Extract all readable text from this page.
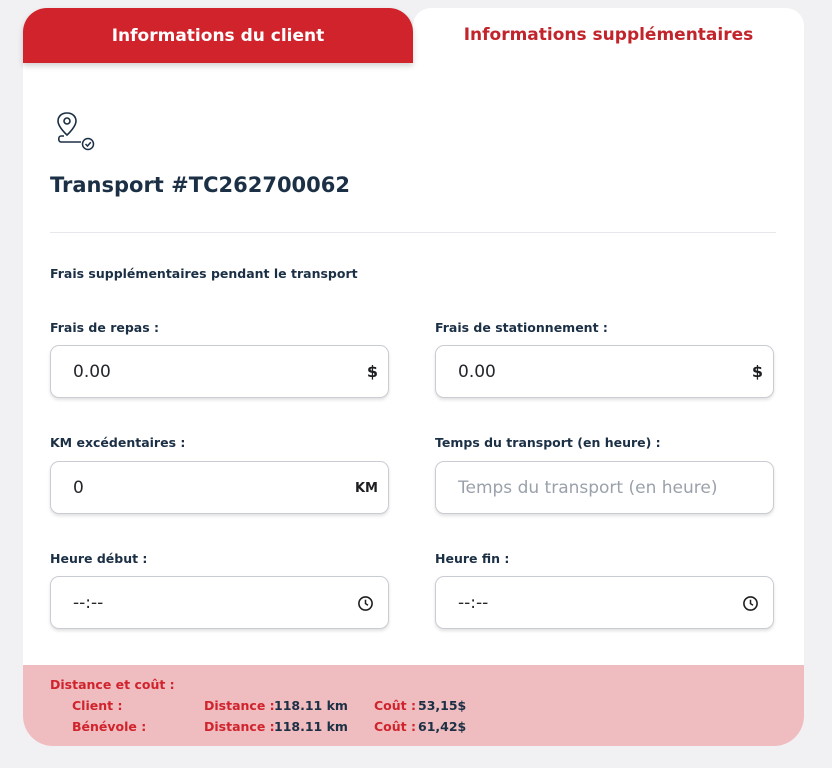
Informations du client	Informations supplémentaires
Transport #TC262700062
Frais supplémentaires pendant le transport
Frais de repas :
0.00	$
Frais de stationnement :
0.00	$
KM excédentaires :
0	KM
Temps du transport (en heure) :
Temps du transport (en heure)
Heure début :
--:--
Heure fin :
--:--
Distance et coût :
Client :	Distance : 118.11 km Coût : 53,15$
Bénévole :	Distance : 118.11 km Coût : 61,42$
